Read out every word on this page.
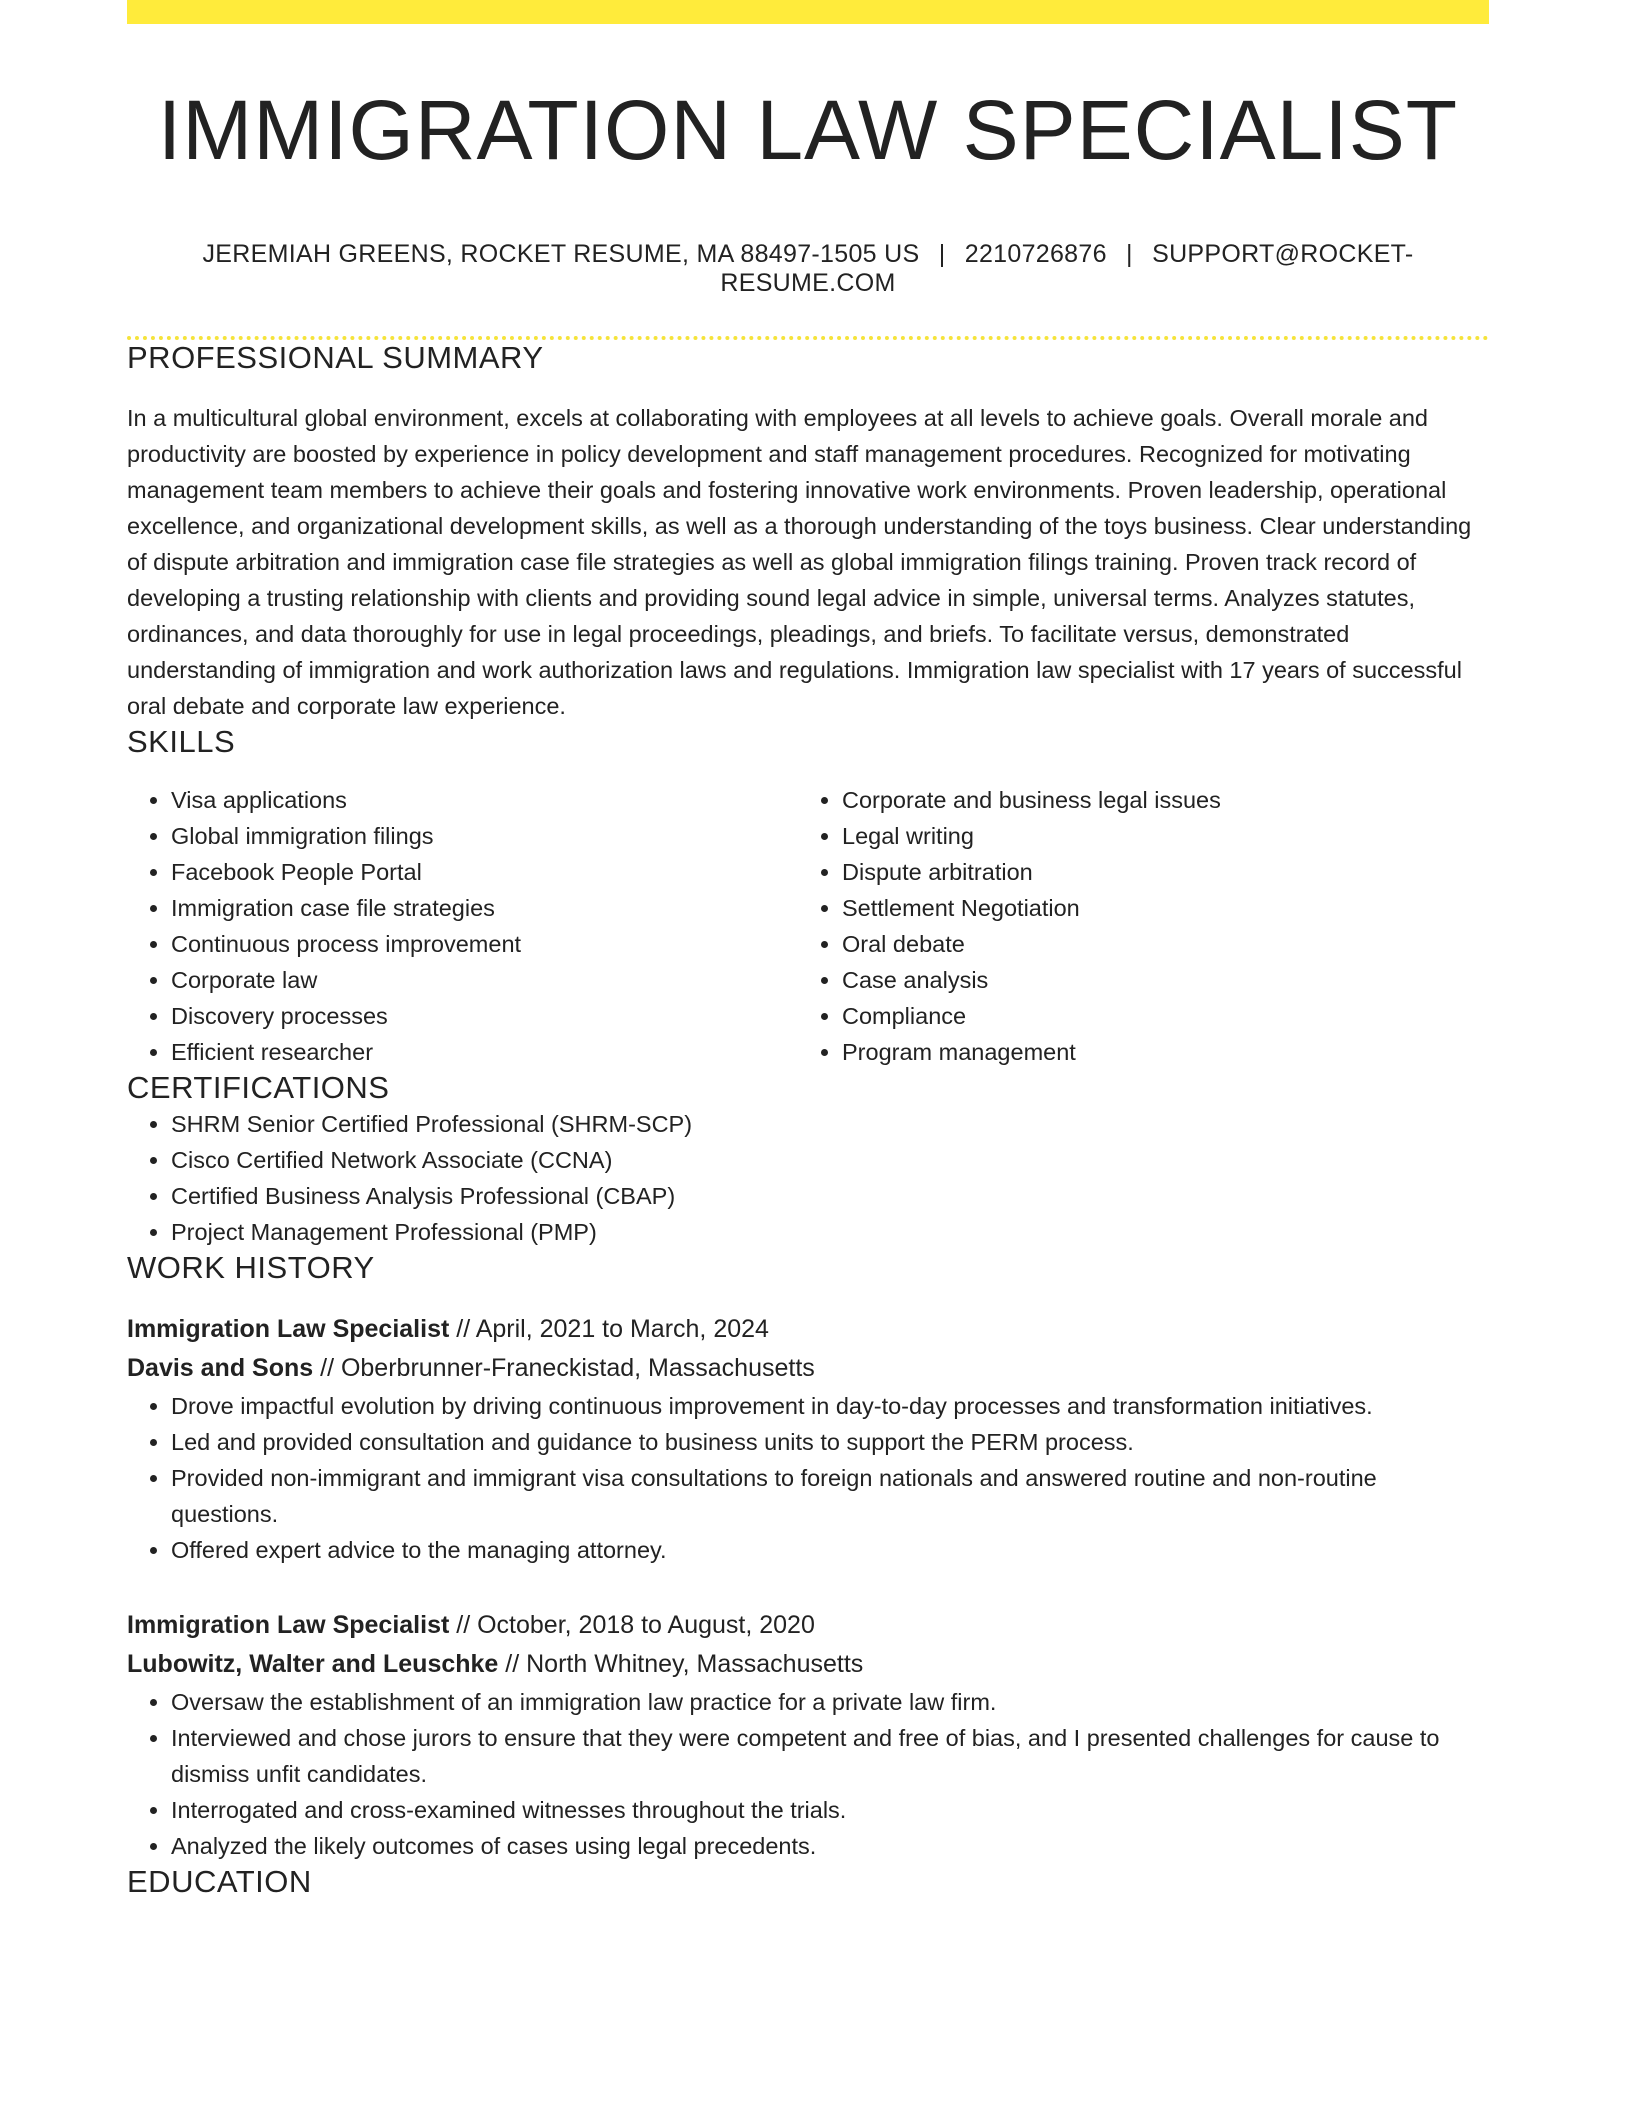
IMMIGRATION LAW SPECIALIST
JEREMIAH GREENS, ROCKET RESUME, MA 88497-1505 US | 2210726876 | SUPPORT@ROCKET-RESUME.COM
PROFESSIONAL SUMMARY
In a multicultural global environment, excels at collaborating with employees at all levels to achieve goals. Overall morale and productivity are boosted by experience in policy development and staff management procedures. Recognized for motivating management team members to achieve their goals and fostering innovative work environments. Proven leadership, operational excellence, and organizational development skills, as well as a thorough understanding of the toys business. Clear understanding of dispute arbitration and immigration case file strategies as well as global immigration filings training. Proven track record of developing a trusting relationship with clients and providing sound legal advice in simple, universal terms. Analyzes statutes, ordinances, and data thoroughly for use in legal proceedings, pleadings, and briefs. To facilitate versus, demonstrated understanding of immigration and work authorization laws and regulations. Immigration law specialist with 17 years of successful oral debate and corporate law experience.
SKILLS
• Visa applications
• Global immigration filings
• Facebook People Portal
• Immigration case file strategies
• Continuous process improvement
• Corporate law
• Discovery processes
• Efficient researcher
• Corporate and business legal issues
• Legal writing
• Dispute arbitration
• Settlement Negotiation
• Oral debate
• Case analysis
• Compliance
• Program management
CERTIFICATIONS
• SHRM Senior Certified Professional (SHRM-SCP)
• Cisco Certified Network Associate (CCNA)
• Certified Business Analysis Professional (CBAP)
• Project Management Professional (PMP)
WORK HISTORY
Immigration Law Specialist // April, 2021 to March, 2024
Davis and Sons // Oberbrunner-Franeckistad, Massachusetts
• Drove impactful evolution by driving continuous improvement in day-to-day processes and transformation initiatives.
• Led and provided consultation and guidance to business units to support the PERM process.
• Provided non-immigrant and immigrant visa consultations to foreign nationals and answered routine and non-routine questions.
• Offered expert advice to the managing attorney.
Immigration Law Specialist // October, 2018 to August, 2020
Lubowitz, Walter and Leuschke // North Whitney, Massachusetts
• Oversaw the establishment of an immigration law practice for a private law firm.
• Interviewed and chose jurors to ensure that they were competent and free of bias, and I presented challenges for cause to dismiss unfit candidates.
• Interrogated and cross-examined witnesses throughout the trials.
• Analyzed the likely outcomes of cases using legal precedents.
EDUCATION
